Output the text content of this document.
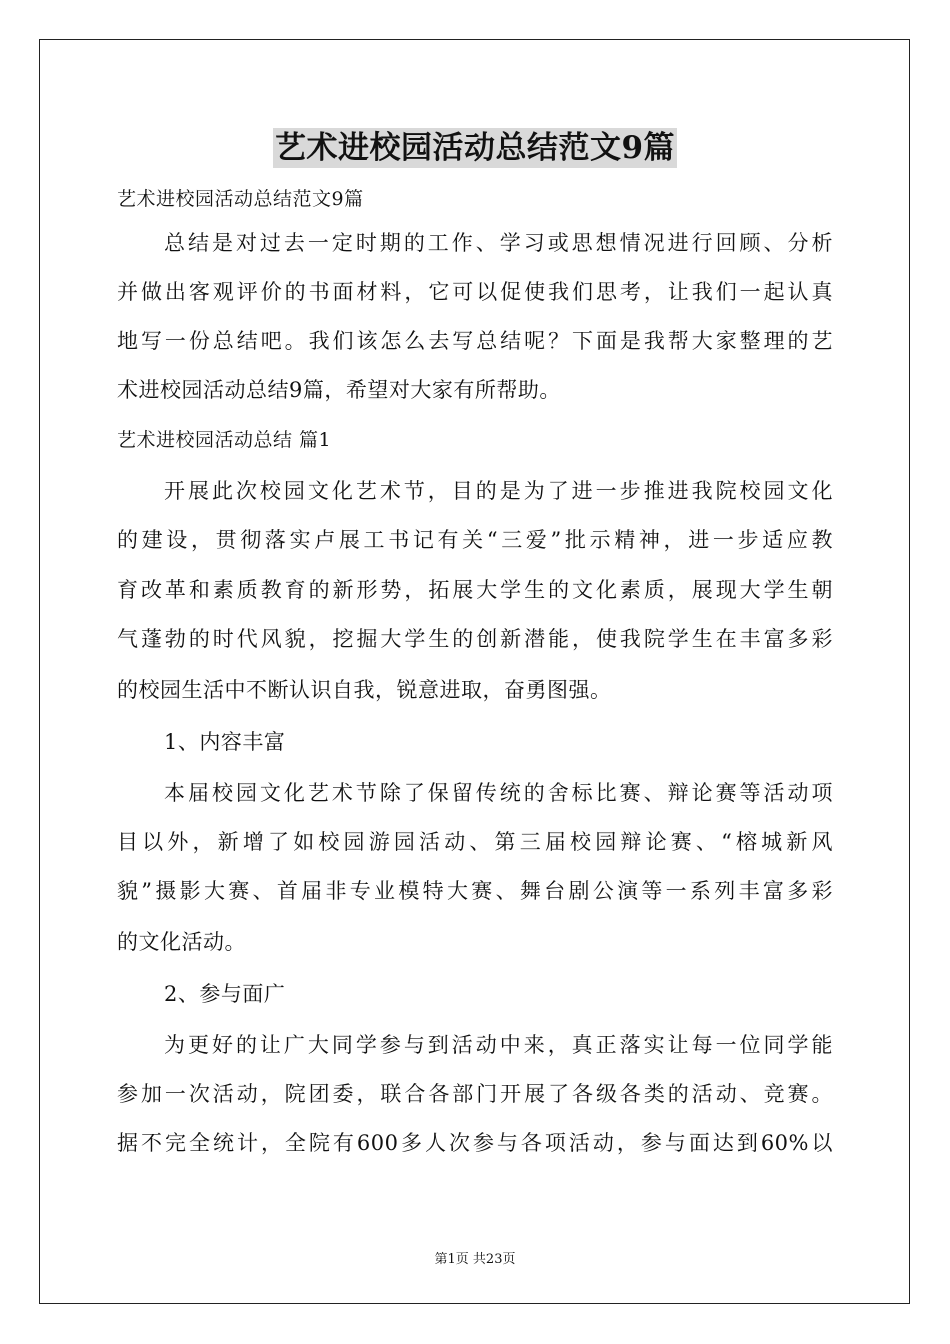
艺术进校园活动总结范文9篇
艺术进校园活动总结范文9篇
总结是对过去一定时期的工作、学习或思想情况进行回顾、分析
并做出客观评价的书面材料，它可以促使我们思考，让我们一起认真
地写一份总结吧。我们该怎么去写总结呢？下面是我帮大家整理的艺
术进校园活动总结9篇，希望对大家有所帮助。
艺术进校园活动总结 篇1
开展此次校园文化艺术节，目的是为了进一步推进我院校园文化
的建设，贯彻落实卢展工书记有关“三爱”批示精神，进一步适应教
育改革和素质教育的新形势，拓展大学生的文化素质，展现大学生朝
气蓬勃的时代风貌，挖掘大学生的创新潜能，使我院学生在丰富多彩
的校园生活中不断认识自我，锐意进取，奋勇图强。
1、内容丰富
本届校园文化艺术节除了保留传统的舍标比赛、辩论赛等活动项
目以外，新增了如校园游园活动、第三届校园辩论赛、“榕城新风
貌”摄影大赛、首届非专业模特大赛、舞台剧公演等一系列丰富多彩
的文化活动。
2、参与面广
为更好的让广大同学参与到活动中来，真正落实让每一位同学能
参加一次活动，院团委，联合各部门开展了各级各类的活动、竞赛。
据不完全统计，全院有600多人次参与各项活动，参与面达到60%以
第1页 共23页
